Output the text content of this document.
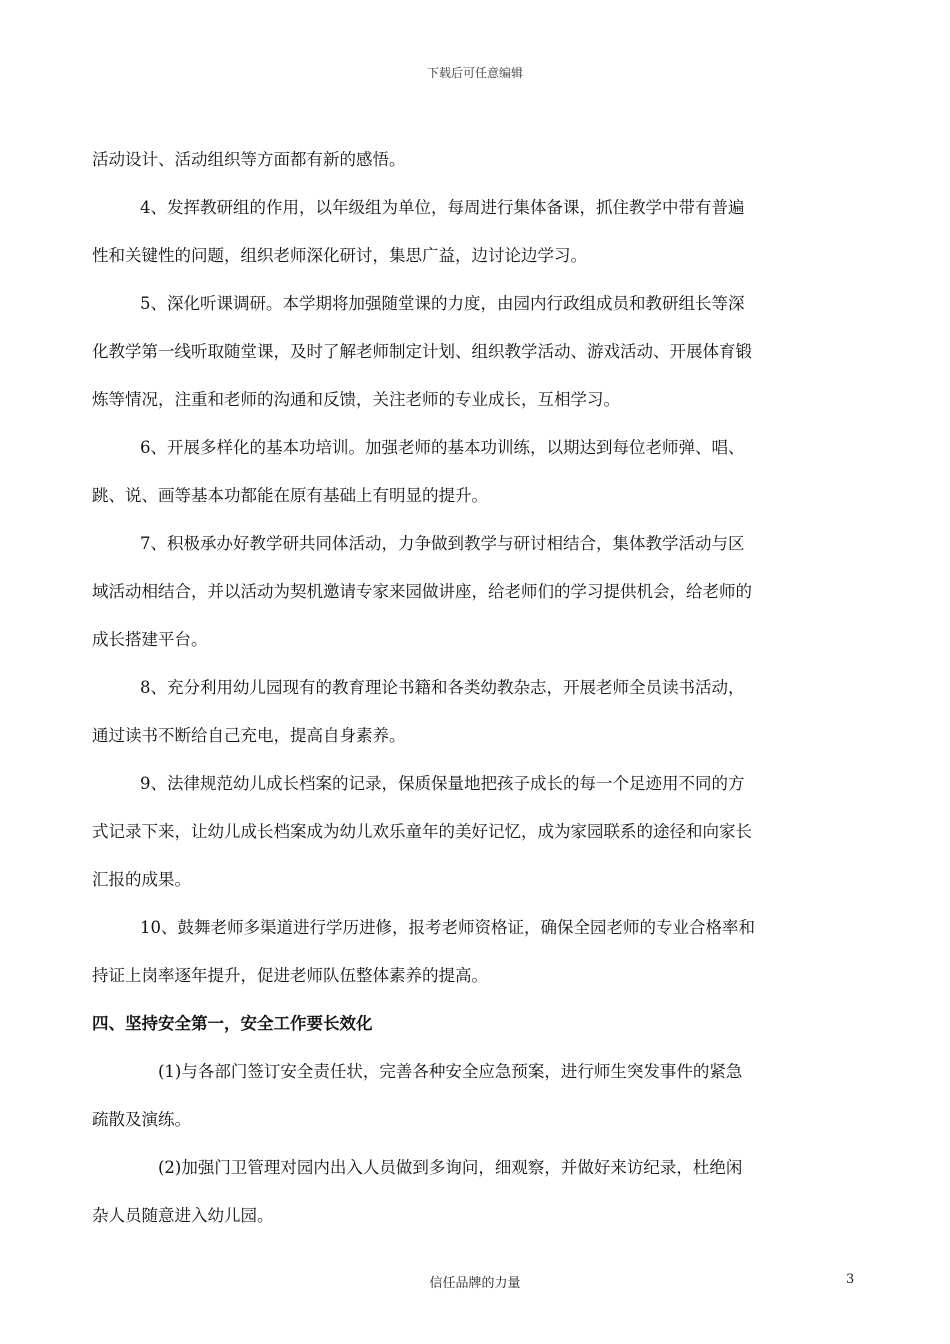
下载后可任意编辑
活动设计、活动组织等方面都有新的感悟。
4、发挥教研组的作用，以年级组为单位，每周进行集体备课，抓住教学中带有普遍
性和关键性的问题，组织老师深化研讨，集思广益，边讨论边学习。
5、深化听课调研。本学期将加强随堂课的力度，由园内行政组成员和教研组长等深
化教学第一线听取随堂课，及时了解老师制定计划、组织教学活动、游戏活动、开展体育锻
炼等情况，注重和老师的沟通和反馈，关注老师的专业成长，互相学习。
6、开展多样化的基本功培训。加强老师的基本功训练，以期达到每位老师弹、唱、
跳、说、画等基本功都能在原有基础上有明显的提升。
7、积极承办好教学研共同体活动，力争做到教学与研讨相结合，集体教学活动与区
域活动相结合，并以活动为契机邀请专家来园做讲座，给老师们的学习提供机会，给老师的
成长搭建平台。
8、充分利用幼儿园现有的教育理论书籍和各类幼教杂志，开展老师全员读书活动，
通过读书不断给自己充电，提高自身素养。
9、法律规范幼儿成长档案的记录，保质保量地把孩子成长的每一个足迹用不同的方
式记录下来，让幼儿成长档案成为幼儿欢乐童年的美好记忆，成为家园联系的途径和向家长
汇报的成果。
10、鼓舞老师多渠道进行学历进修，报考老师资格证，确保全园老师的专业合格率和
持证上岗率逐年提升，促进老师队伍整体素养的提高。
四、坚持安全第一，安全工作要长效化
(1)与各部门签订安全责任状，完善各种安全应急预案，进行师生突发事件的紧急
疏散及演练。
(2)加强门卫管理对园内出入人员做到多询问，细观察，并做好来访纪录，杜绝闲
杂人员随意进入幼儿园。
信任品牌的力量	3
